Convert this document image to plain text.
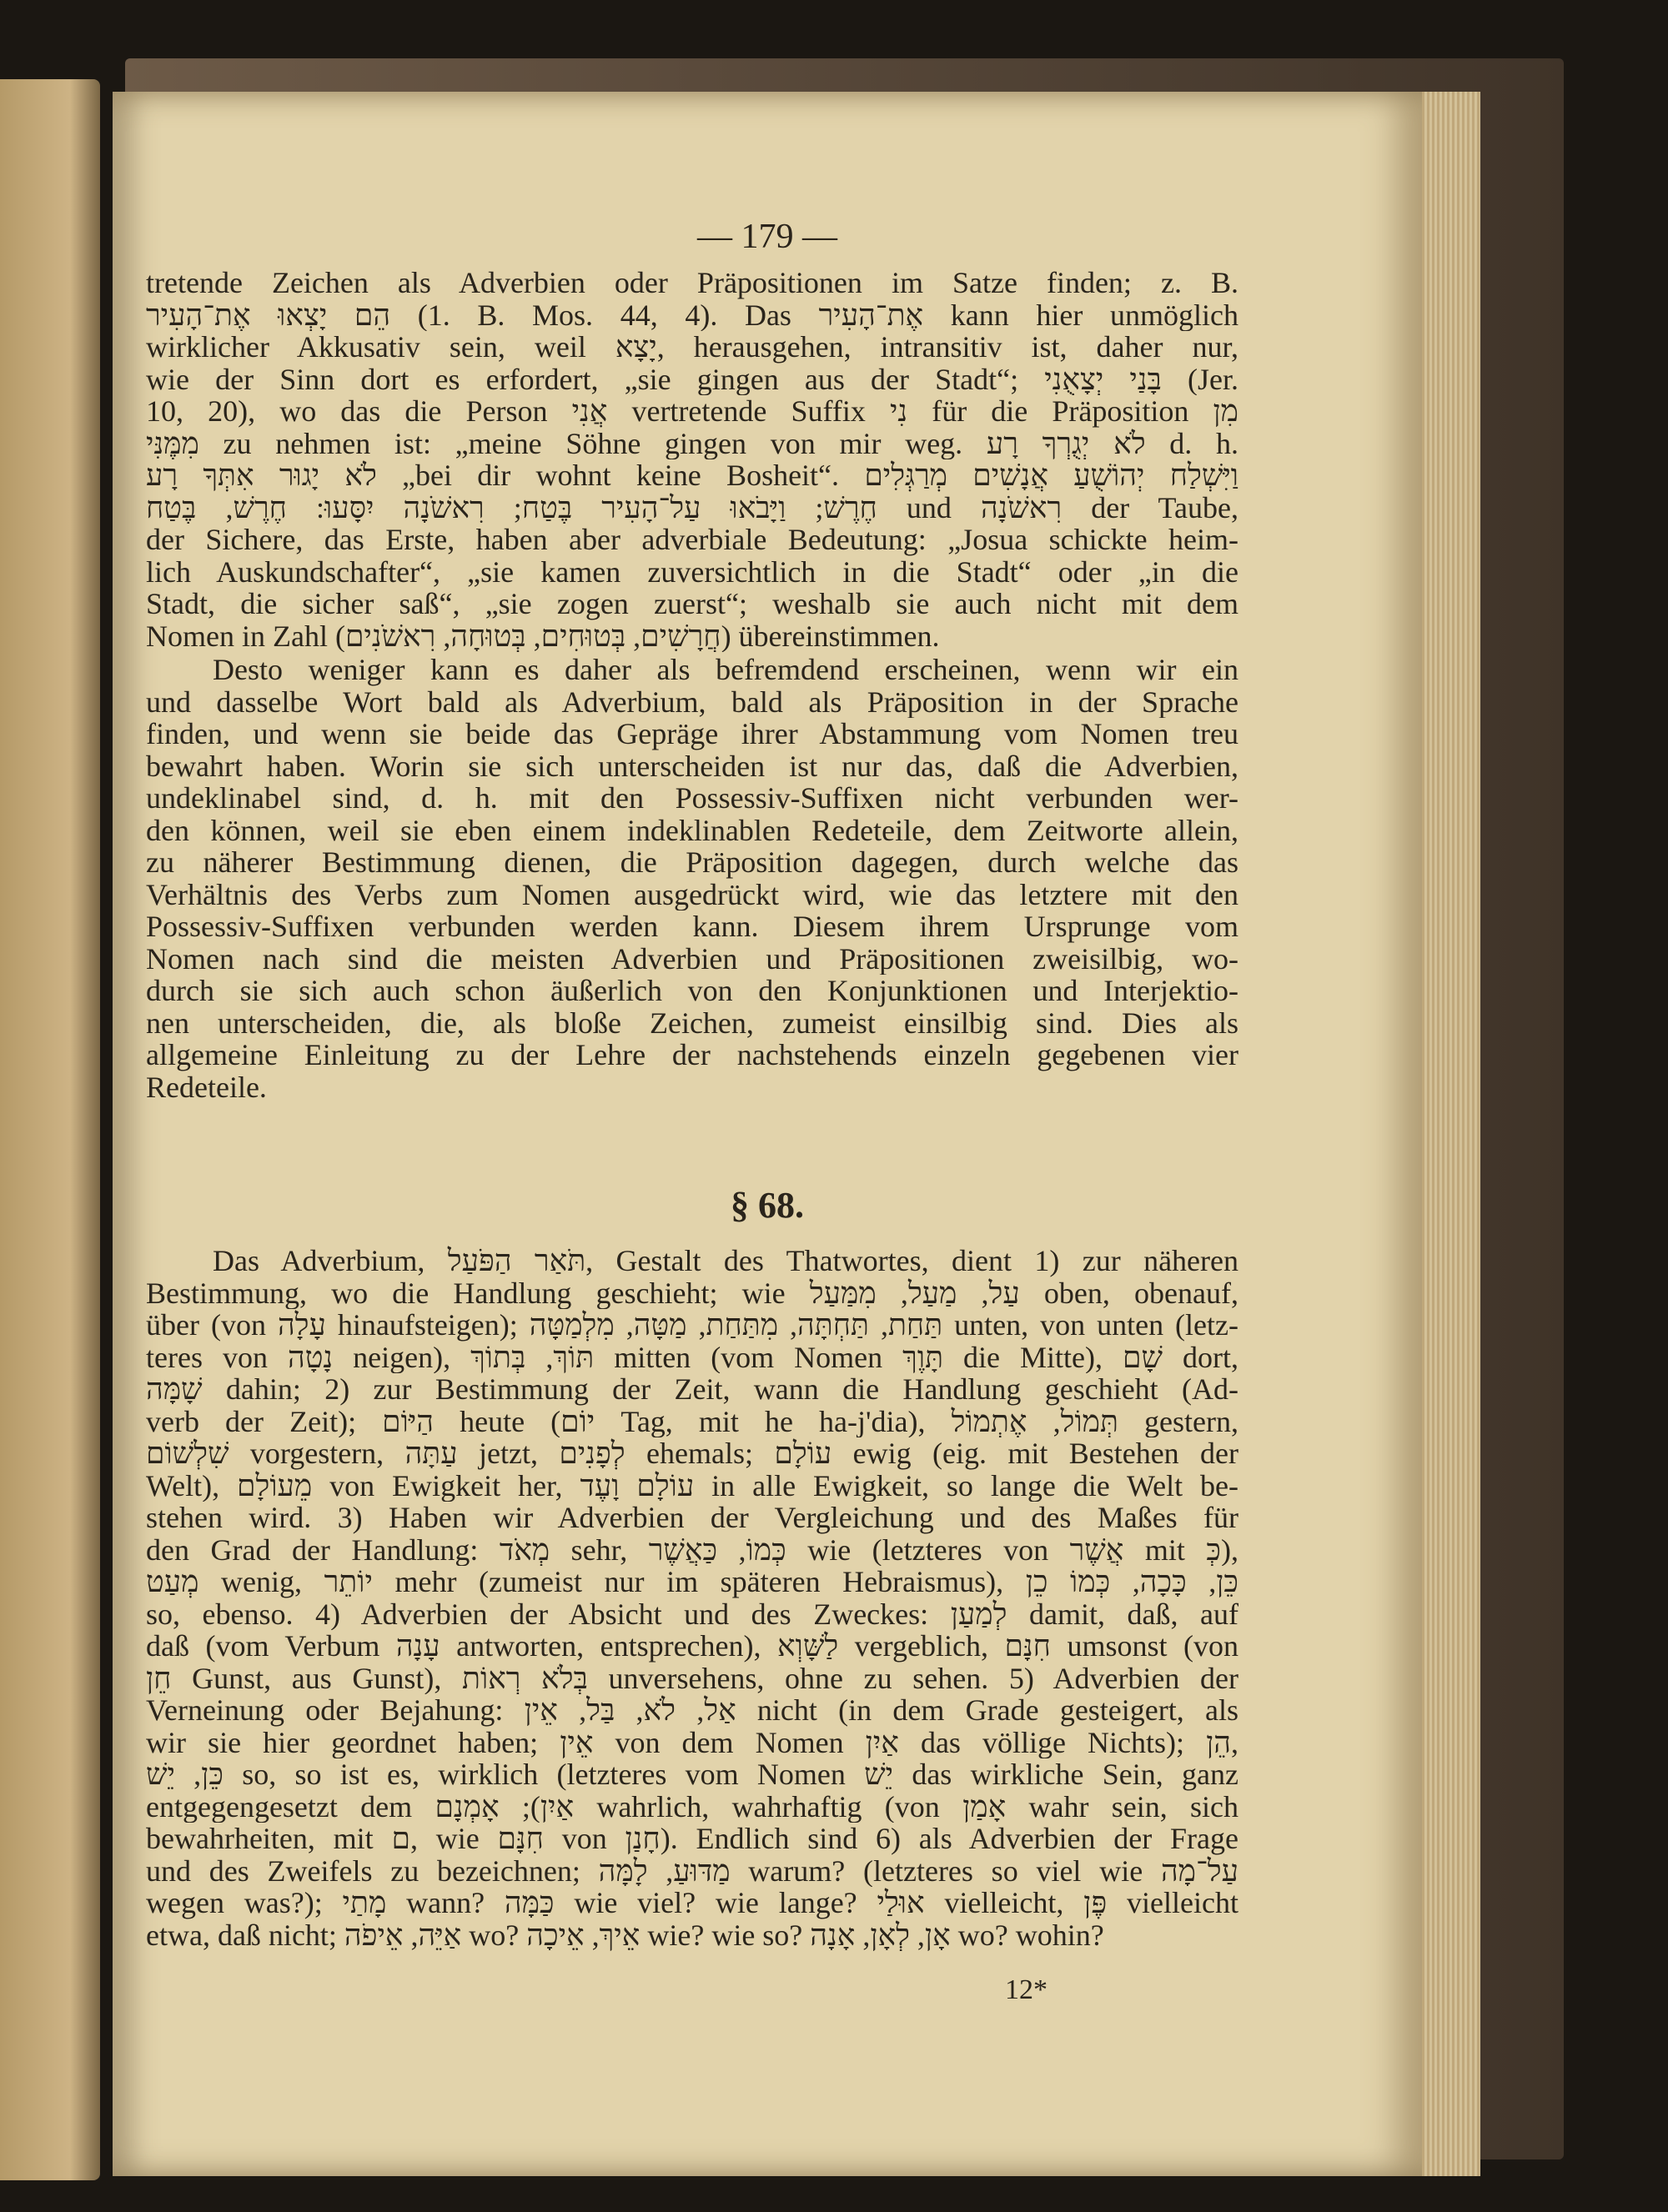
— 179 —
tretende Zeichen als Adverbien oder Präpositionen im Satze finden; z. B.
הֵם יָצְאוּ אֶת־הָעִיר (1. B. Mos. 44, 4). Das אֶת־הָעִיר kann hier unmöglich
wirklicher Akkusativ sein, weil יָצָא, herausgehen, intransitiv ist, daher nur,
wie der Sinn dort es erfordert, „sie gingen aus der Stadt“; בָּנַי יְצָאֻנִי (Jer.
10, 20), wo das die Person אֲנִי vertretende Suffix נִי für die Präposition מִן
מִמֶּנִּי zu nehmen ist: „meine Söhne gingen von mir weg. לֹא יְגֻרְךָ רָע d. h.
לֹא יָגוּר אִתְּךָ רָע „bei dir wohnt keine Bosheit“. וַיִּשְׁלַח יְהוֹשֻׁעַ אֲנָשִׁים מְרַגְּלִים
חֶרֶשׁ; וַיָּבֹאוּ עַל־הָעִיר בֶּטַח; רִאשֹׁנָה יִסָּעוּ: חֶרֶשׁ, בֶּטַח und רִאשֹׁנָה der Taube,
der Sichere, das Erste, haben aber adverbiale Bedeutung: „Josua schickte heim-
lich Auskundschafter“, „sie kamen zuversichtlich in die Stadt“ oder „in die
Stadt, die sicher saß“, „sie zogen zuerst“; weshalb sie auch nicht mit dem
Nomen in Zahl (חֲרָשִׁים, בְּטוּחִים, בְּטוּחָה, רִאשֹׁנִים) übereinstimmen.
Desto weniger kann es daher als befremdend erscheinen, wenn wir ein
und dasselbe Wort bald als Adverbium, bald als Präposition in der Sprache
finden, und wenn sie beide das Gepräge ihrer Abstammung vom Nomen treu
bewahrt haben. Worin sie sich unterscheiden ist nur das, daß die Adverbien,
undeklinabel sind, d. h. mit den Possessiv-Suffixen nicht verbunden wer-
den können, weil sie eben einem indeklinablen Redeteile, dem Zeitworte allein,
zu näherer Bestimmung dienen, die Präposition dagegen, durch welche das
Verhältnis des Verbs zum Nomen ausgedrückt wird, wie das letztere mit den
Possessiv-Suffixen verbunden werden kann. Diesem ihrem Ursprunge vom
Nomen nach sind die meisten Adverbien und Präpositionen zweisilbig, wo-
durch sie sich auch schon äußerlich von den Konjunktionen und Interjektio-
nen unterscheiden, die, als bloße Zeichen, zumeist einsilbig sind. Dies als
allgemeine Einleitung zu der Lehre der nachstehends einzeln gegebenen vier
Redeteile.
§ 68.
Das Adverbium, תֹּאַר הַפֹּעַל, Gestalt des Thatwortes, dient 1) zur näheren
Bestimmung, wo die Handlung geschieht; wie עַל, מַעַל, מִמַּעַל oben, obenauf,
über (von עָלָה hinaufsteigen); תַּחַת, תַּחְתָּה, מִתַּחַת, מַטָּה, מִלְמַטָּה unten, von unten (letz-
teres von נָטָה neigen), תּוֹךְ, בְּתוֹךְ mitten (vom Nomen תָּוֶךְ die Mitte), שָׁם dort,
שָׁמָּה dahin; 2) zur Bestimmung der Zeit, wann die Handlung geschieht (Ad-
verb der Zeit); הַיּוֹם heute (יוֹם Tag, mit he ha-j'dia), תְּמוֹל, אֶתְמוֹל gestern,
שִׁלְשׁוֹם vorgestern, עַתָּה jetzt, לְפָנִים ehemals; עוֹלָם ewig (eig. mit Bestehen der
Welt), מֵעוֹלָם von Ewigkeit her, עוֹלָם וָעֶד in alle Ewigkeit, so lange die Welt be-
stehen wird. 3) Haben wir Adverbien der Vergleichung und des Maßes für
den Grad der Handlung: מְאֹד sehr, כְּמוֹ, כַּאֲשֶׁר wie (letzteres von אֲשֶׁר mit כְּ),
מְעַט wenig, יוֹתֵר mehr (zumeist nur im späteren Hebraismus), כֵּן, כָּכָה, כְּמוֹ כֵן
so, ebenso. 4) Adverbien der Absicht und des Zweckes: לְמַעַן damit, daß, auf
daß (vom Verbum עָנָה antworten, entsprechen), לַשָּׁוְא vergeblich, חִנָּם umsonst (von
חֵן Gunst, aus Gunst), בְּלֹא רְאוֹת unversehens, ohne zu sehen. 5) Adverbien der
Verneinung oder Bejahung: אַל, לֹא, בַּל, אֵין nicht (in dem Grade gesteigert, als
wir sie hier geordnet haben; אֵין von dem Nomen אַיִן das völlige Nichts); הֵן,
כֵּן, יֵשׁ so, so ist es, wirklich (letzteres vom Nomen יֵשׁ das wirkliche Sein, ganz
entgegengesetzt dem אַיִן); אָמְנָם wahrlich, wahrhaftig (von אָמַן wahr sein, sich
bewahrheiten, mit ם, wie חִנָּם von חָנַן). Endlich sind 6) als Adverbien der Frage
und des Zweifels zu bezeichnen; מַדּוּעַ, לָמָּה warum? (letzteres so viel wie עַל־מָה
wegen was?); מָתַי wann? כַּמָּה wie viel? wie lange? אוּלַי vielleicht, פֶּן vielleicht
etwa, daß nicht; אַיֵּה, אֵיפֹה wo? אֵיךְ, אֵיכָה wie? wie so? אָן, לְאָן, אָנָה wo? wohin?
12*
